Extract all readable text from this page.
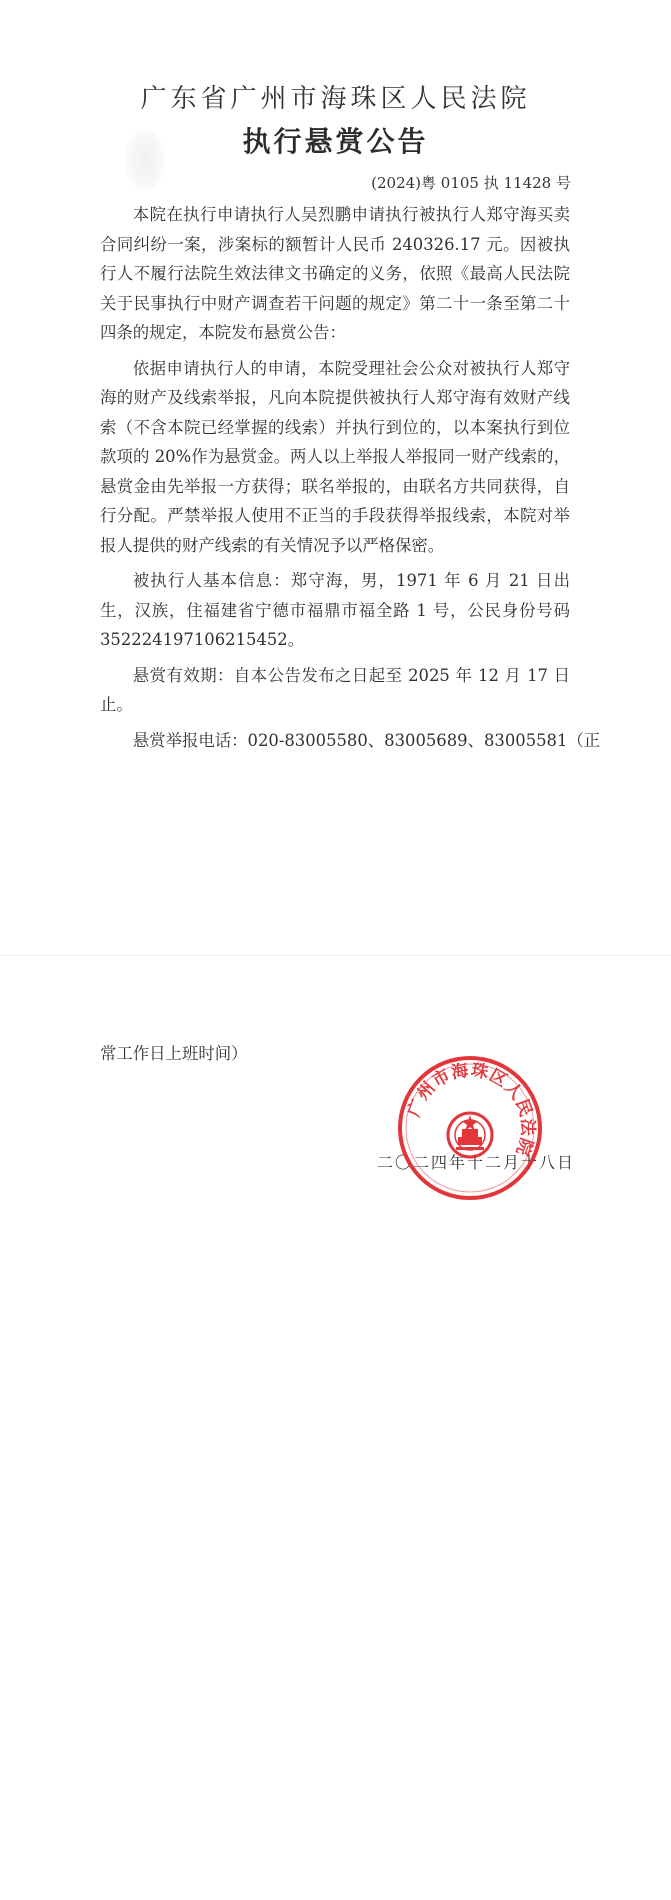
广东省广州市海珠区人民法院
执行悬赏公告
(2024)粤 0105 执 11428 号

本院在执行申请执行人吴烈鹏申请执行被执行人郑守海买卖合同纠纷一案，涉案标的额暂计人民币 240326.17 元。因被执行人不履行法院生效法律文书确定的义务，依照《最高人民法院关于民事执行中财产调查若干问题的规定》第二十一条至第二十四条的规定，本院发布悬赏公告：

依据申请执行人的申请，本院受理社会公众对被执行人郑守海的财产及线索举报，凡向本院提供被执行人郑守海有效财产线索（不含本院已经掌握的线索）并执行到位的，以本案执行到位款项的 20%作为悬赏金。两人以上举报人举报同一财产线索的，悬赏金由先举报一方获得；联名举报的，由联名方共同获得，自行分配。严禁举报人使用不正当的手段获得举报线索，本院对举报人提供的财产线索的有关情况予以严格保密。

被执行人基本信息：郑守海，男，1971 年 6 月 21 日出生，汉族，住福建省宁德市福鼎市福全路 1 号，公民身份号码 352224197106215452。

悬赏有效期：自本公告发布之日起至 2025 年 12 月 17 日止。

悬赏举报电话：020-83005580、83005689、83005581（正

常工作日上班时间）
二〇二四年十二月十八日
广州市海珠区人民法院
